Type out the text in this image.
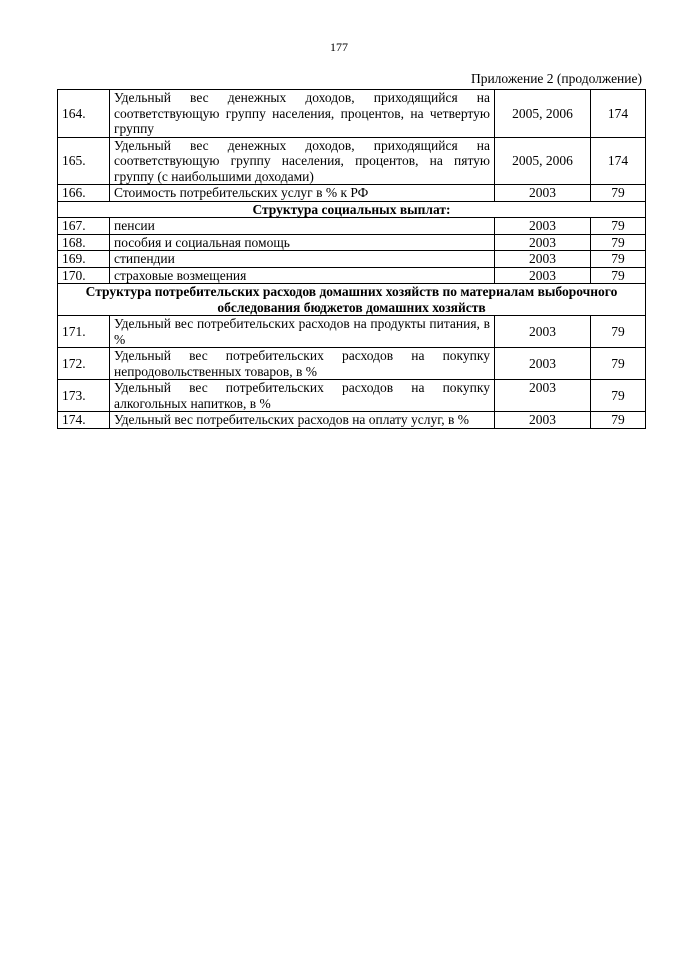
177
Приложение 2 (продолжение)
164.	Удельный вес денежных доходов, приходящийся на соответствующую группу населения, процентов, на четвертую группу	2005, 2006	174
165.	Удельный вес денежных доходов, приходящийся на соответствующую группу населения, процентов, на пятую группу (с наибольшими доходами)	2005, 2006	174
166.	Стоимость потребительских услуг в % к РФ	2003	79
Структура социальных выплат:			
167.	пенсии	2003	79
168.	пособия и социальная помощь	2003	79
169.	стипендии	2003	79
170.	страховые возмещения	2003	79
Структура потребительских расходов домашних хозяйств по материалам выборочного обследования бюджетов домашних хозяйств			
171.	Удельный вес потребительских расходов на продукты питания, в %	2003	79
172.	Удельный вес потребительских расходов на покупку непродовольственных товаров, в %	2003	79
173.	Удельный вес потребительских расходов на покупку алкогольных напитков, в %	2003	79
174.	Удельный вес потребительских расходов на оплату услуг, в %	2003	79
